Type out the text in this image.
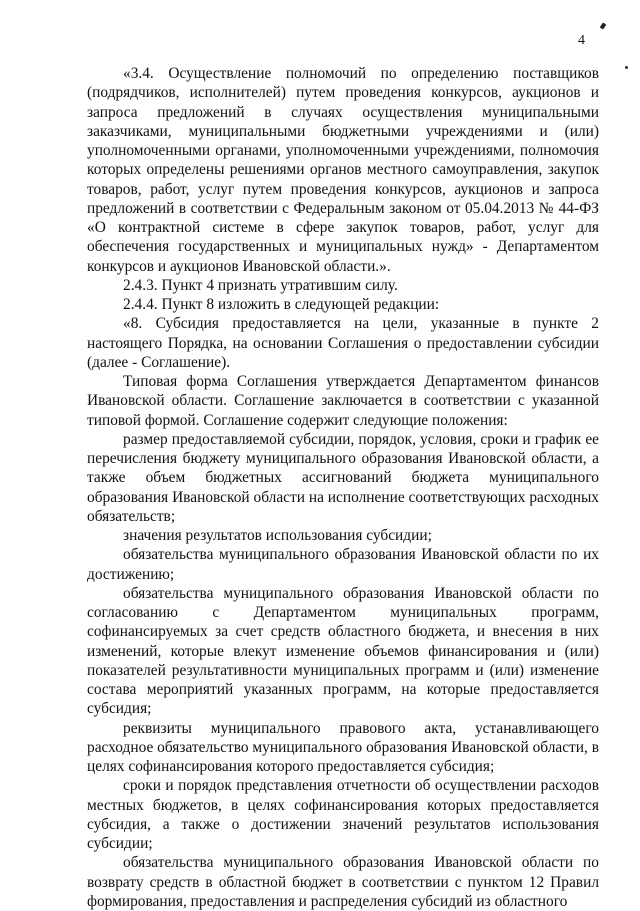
4

«3.4. Осуществление полномочий по определению поставщиков (подрядчиков, исполнителей) путем проведения конкурсов, аукционов и запроса предложений в случаях осуществления муниципальными заказчиками, муниципальными бюджетными учреждениями и (или) уполномоченными органами, уполномоченными учреждениями, полномочия которых определены решениями органов местного самоуправления, закупок товаров, работ, услуг путем проведения конкурсов, аукционов и запроса предложений в соответствии с Федеральным законом от 05.04.2013 № 44-ФЗ «О контрактной системе в сфере закупок товаров, работ, услуг для обеспечения государственных и муниципальных нужд» - Департаментом конкурсов и аукционов Ивановской области.».

2.4.3. Пункт 4 признать утратившим силу.

2.4.4. Пункт 8 изложить в следующей редакции:

«8. Субсидия предоставляется на цели, указанные в пункте 2 настоящего Порядка, на основании Соглашения о предоставлении субсидии (далее - Соглашение).

Типовая форма Соглашения утверждается Департаментом финансов Ивановской области. Соглашение заключается в соответствии с указанной типовой формой. Соглашение содержит следующие положения:

размер предоставляемой субсидии, порядок, условия, сроки и график ее перечисления бюджету муниципального образования Ивановской области, а также объем бюджетных ассигнований бюджета муниципального образования Ивановской области на исполнение соответствующих расходных обязательств;

значения результатов использования субсидии;

обязательства муниципального образования Ивановской области по их достижению;

обязательства муниципального образования Ивановской области по согласованию с Департаментом муниципальных программ, софинансируемых за счет средств областного бюджета, и внесения в них изменений, которые влекут изменение объемов финансирования и (или) показателей результативности муниципальных программ и (или) изменение состава мероприятий указанных программ, на которые предоставляется субсидия;

реквизиты муниципального правового акта, устанавливающего расходное обязательство муниципального образования Ивановской области, в целях софинансирования которого предоставляется субсидия;

сроки и порядок представления отчетности об осуществлении расходов местных бюджетов, в целях софинансирования которых предоставляется субсидия, а также о достижении значений результатов использования субсидии;

обязательства муниципального образования Ивановской области по возврату средств в областной бюджет в соответствии с пунктом 12 Правил формирования, предоставления и распределения субсидий из областного
